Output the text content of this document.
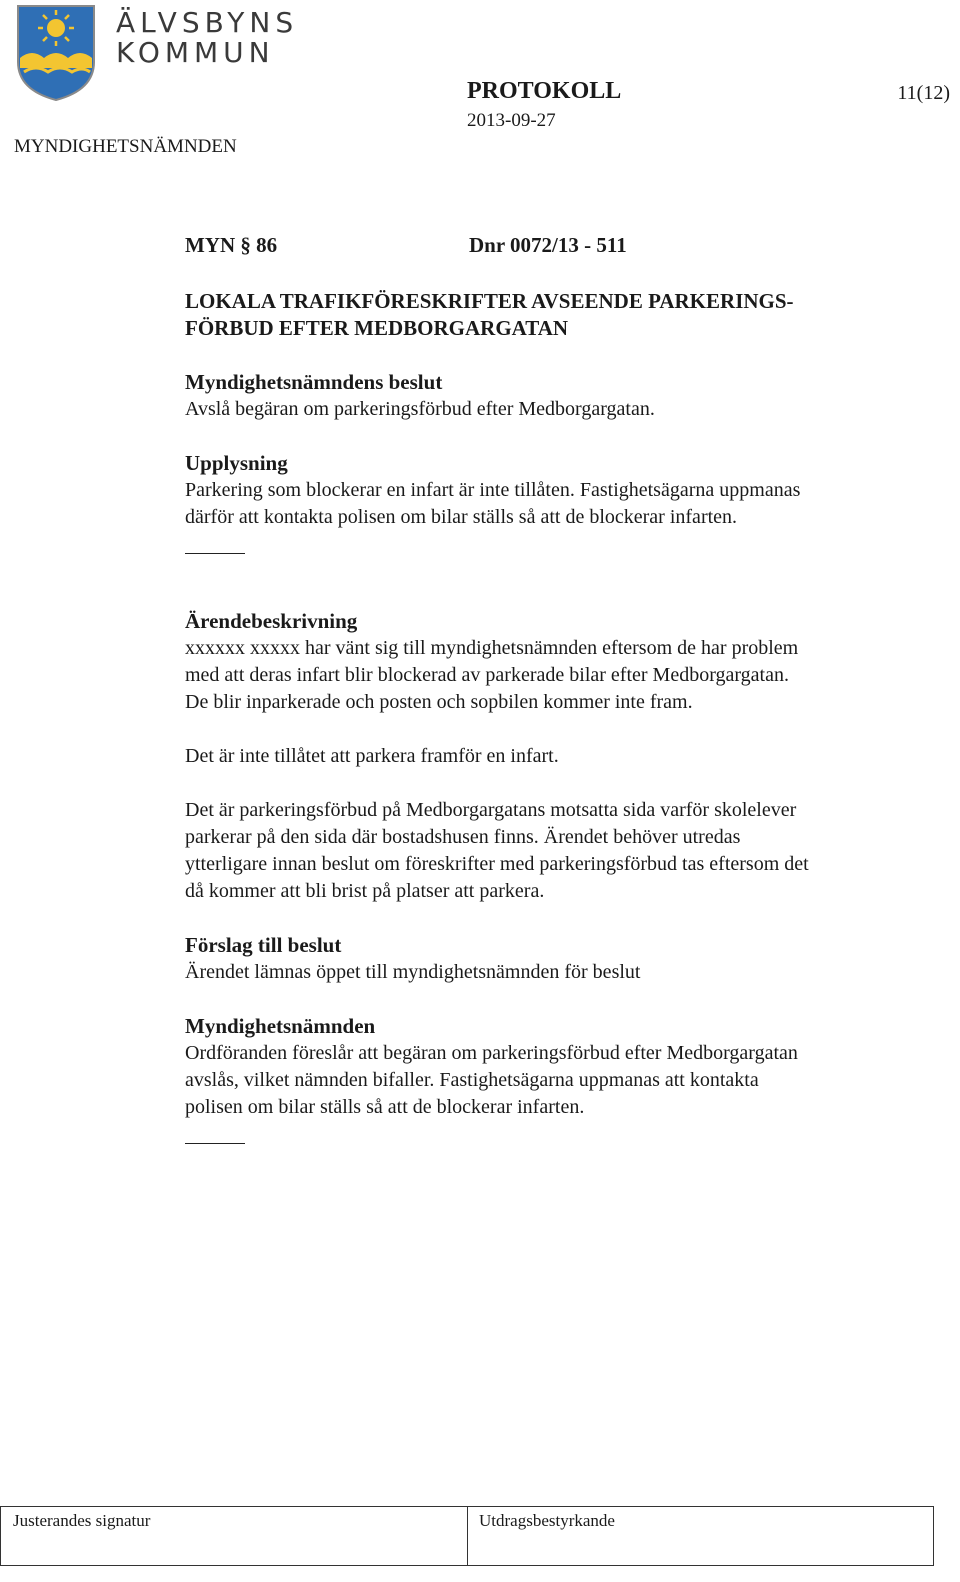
ÄLVSBYNS
KOMMUN
MYNDIGHETSNÄMNDEN
PROTOKOLL
2013-09-27
11(12)
MYN § 86	Dnr 0072/13 - 511
LOKALA TRAFIKFÖRESKRIFTER AVSEENDE PARKERINGS-
FÖRBUD EFTER MEDBORGARGATAN
Myndighetsnämndens beslut

Avslå begäran om parkeringsförbud efter Medborgargatan.

Upplysning

Parkering som blockerar en infart är inte tillåten. Fastighetsägarna uppmanas

därför att kontakta polisen om bilar ställs så att de blockerar infarten.

Ärendebeskrivning

xxxxxx xxxxx har vänt sig till myndighetsnämnden eftersom de har problem

med att deras infart blir blockerad av parkerade bilar efter Medborgargatan.

De blir inparkerade och posten och sopbilen kommer inte fram.

Det är inte tillåtet att parkera framför en infart.

Det är parkeringsförbud på Medborgargatans motsatta sida varför skolelever

parkerar på den sida där bostadshusen finns. Ärendet behöver utredas

ytterligare innan beslut om föreskrifter med parkeringsförbud tas eftersom det

då kommer att bli brist på platser att parkera.

Förslag till beslut

Ärendet lämnas öppet till myndighetsnämnden för beslut

Myndighetsnämnden

Ordföranden föreslår att begäran om parkeringsförbud efter Medborgargatan

avslås, vilket nämnden bifaller. Fastighetsägarna uppmanas att kontakta

polisen om bilar ställs så att de blockerar infarten.

Justerandes signatur	Utdragsbestyrkande
